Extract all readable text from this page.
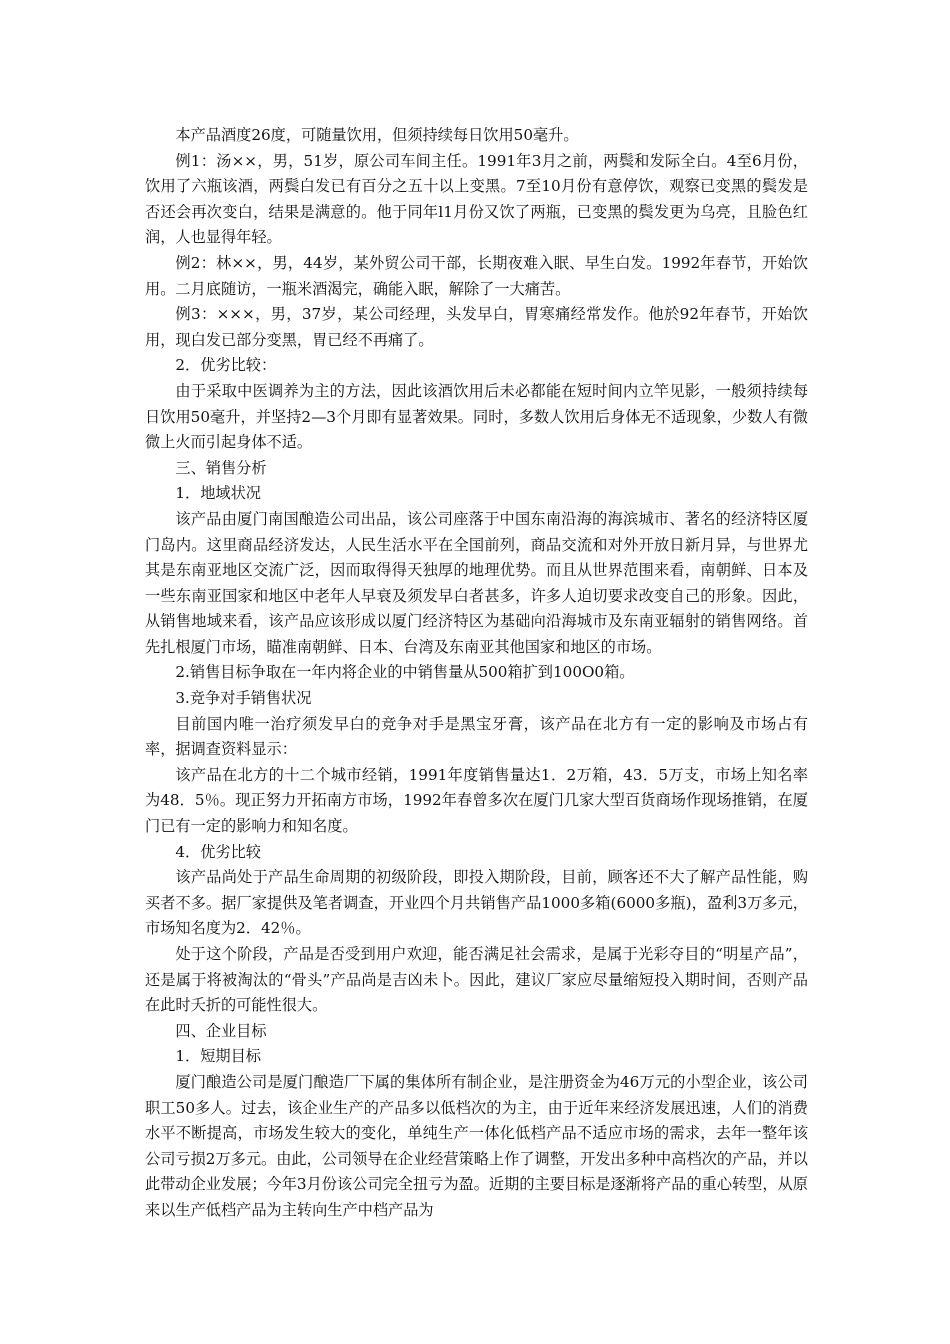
本产品酒度26度，可随量饮用，但须持续每日饮用50毫升。

例1：汤××，男，51岁，原公司车间主任。1991年3月之前，两鬓和发际全白。4至6月份，饮用了六瓶该酒，两鬓白发已有百分之五十以上变黑。7至10月份有意停饮，观察已变黑的鬓发是否还会再次变白，结果是满意的。他于同年l1月份又饮了两瓶，已变黑的鬓发更为乌亮，且脸色红润，人也显得年轻。

例2：林××，男，44岁，某外贸公司干部，长期夜难入眠、早生白发。1992年春节，开始饮用。二月底随访，一瓶米酒渴完，确能入眠，解除了一大痛苦。

例3：×××，男，37岁，某公司经理，头发早白，胃寒痛经常发作。他於92年春节，开始饮用，现白发已部分变黑，胃已经不再痛了。

2．优劣比较：

由于采取中医调养为主的方法，因此该酒饮用后未必都能在短时间内立竿见影，一般须持续每日饮用50毫升，并坚持2—3个月即有显著效果。同时，多数人饮用后身体无不适现象，少数人有微微上火而引起身体不适。

三、销售分析

1．地域状况

该产品由厦门南国酿造公司出品，该公司座落于中国东南沿海的海滨城市、著名的经济特区厦门岛内。这里商品经济发达，人民生活水平在全国前列，商品交流和对外开放日新月异，与世界尤其是东南亚地区交流广泛，因而取得得天独厚的地理优势。而且从世界范围来看，南朝鲜、日本及一些东南亚国家和地区中老年人早衰及须发早白者甚多，许多人迫切要求改变自己的形象。因此，从销售地域来看，该产品应该形成以厦门经济特区为基础向沿海城市及东南亚辐射的销售网络。首先扎根厦门市场，瞄准南朝鲜、日本、台湾及东南亚其他国家和地区的市场。

2.销售目标争取在一年内将企业的中销售量从500箱扩到100O0箱。

3.竞争对手销售状况

目前国内唯一治疗须发早白的竞争对手是黑宝牙膏，该产品在北方有一定的影响及市场占有率，据调查资料显示：

该产品在北方的十二个城市经销，1991年度销售量达1．2万箱，43．5万支，市场上知名率为48．5％。现正努力开拓南方市场，1992年春曾多次在厦门几家大型百货商场作现场推销，在厦门已有一定的影响力和知名度。

4．优劣比较

该产品尚处于产品生命周期的初级阶段，即投入期阶段，目前，顾客还不大了解产品性能，购买者不多。据厂家提供及笔者调查，开业四个月共销售产品1000多箱(6000多瓶)，盈利3万多元，市场知名度为2．42％。

处于这个阶段，产品是否受到用户欢迎，能否满足社会需求，是属于光彩夺目的“明星产品”，还是属于将被淘汰的“骨头”产品尚是吉凶未卜。因此，建议厂家应尽量缩短投入期时间，否则产品在此时夭折的可能性很大。

四、企业目标

1．短期目标

厦门酿造公司是厦门酿造厂下属的集体所有制企业，是注册资金为46万元的小型企业，该公司职工50多人。过去，该企业生产的产品多以低档次的为主，由于近年来经济发展迅速，人们的消费水平不断提高，市场发生较大的变化，单纯生产一体化低档产品不适应市场的需求，去年一整年该公司亏损2万多元。由此，公司领导在企业经营策略上作了调整，开发出多种中高档次的产品，并以此带动企业发展；今年3月份该公司完全扭亏为盈。近期的主要目标是逐渐将产品的重心转型，从原来以生产低档产品为主转向生产中档产品为
